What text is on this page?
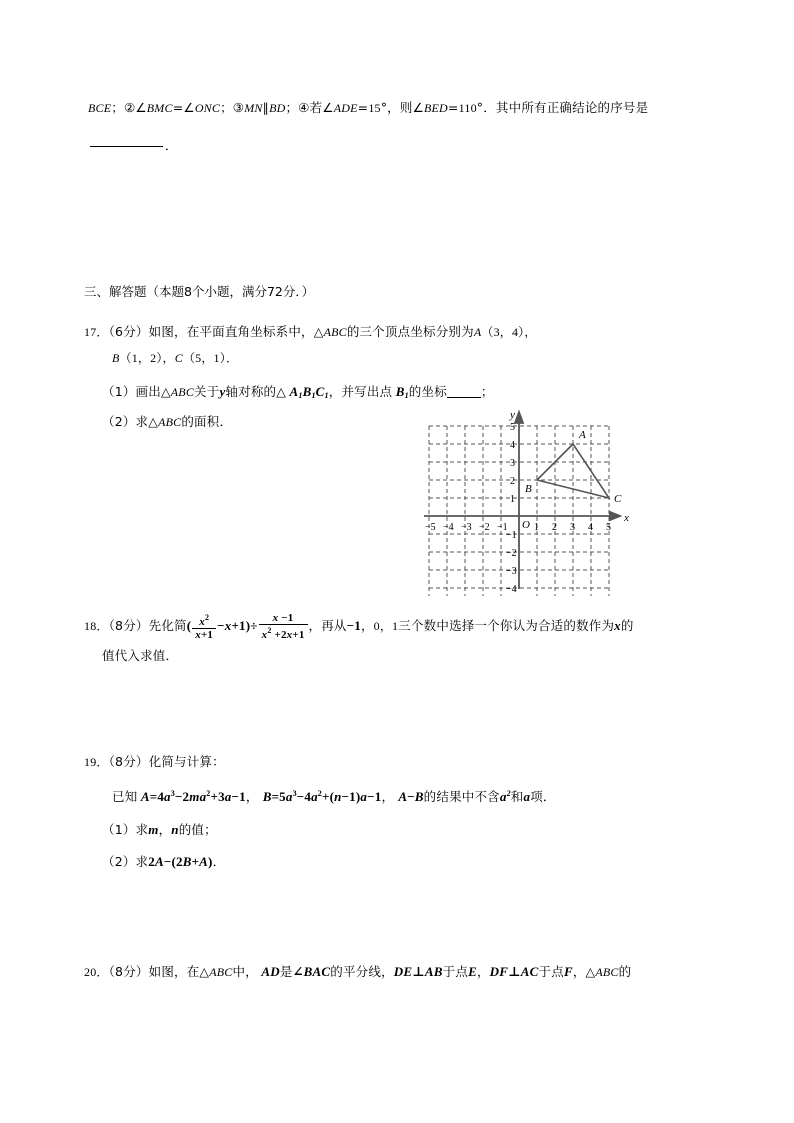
BCE；②∠BMC=∠ONC；③MN∥BD；④若∠ADE=15°，则∠BED=110°．其中所有正确结论的序号是
．
三、解答题（本题8个小题，满分72分．）
17．（6分）如图，在平面直角坐标系中，△ABC的三个顶点坐标分别为A（3，4），
B（1，2），C（5，1）．
（1）画出△ABC关于y轴对称的△ $A_1B_1C_1$，并写出点 $B_1$的坐标	；
（2）求△ABC的面积．
x
y
O
−5 −4 −3 −2 −1	1 2 3 4 5
5
4
3
2
1
−1
−2
−3
−4
A
B
C
18．（8分）先化简( $\frac{x^2}{x+1} -x+1)\div \frac{x -1}{x^2 +2x+1}$ ，再从−1，0，1三个数中选择一个你认为合适的数作为x的
值代入求值．
19．（8分）化简与计算：
已知 $A=4a^3-2ma^2+3a-1$， $B=5a^3-4a^2+(n-1)a-1$， A−B的结果中不含$a^2$和a项．
（1）求m，n的值；
（2）求2A−(2B+A)．
20．（8分）如图，在△ABC中， AD是∠BAC的平分线，DE⊥AB于点E，DF⊥AC于点F，△ABC的
